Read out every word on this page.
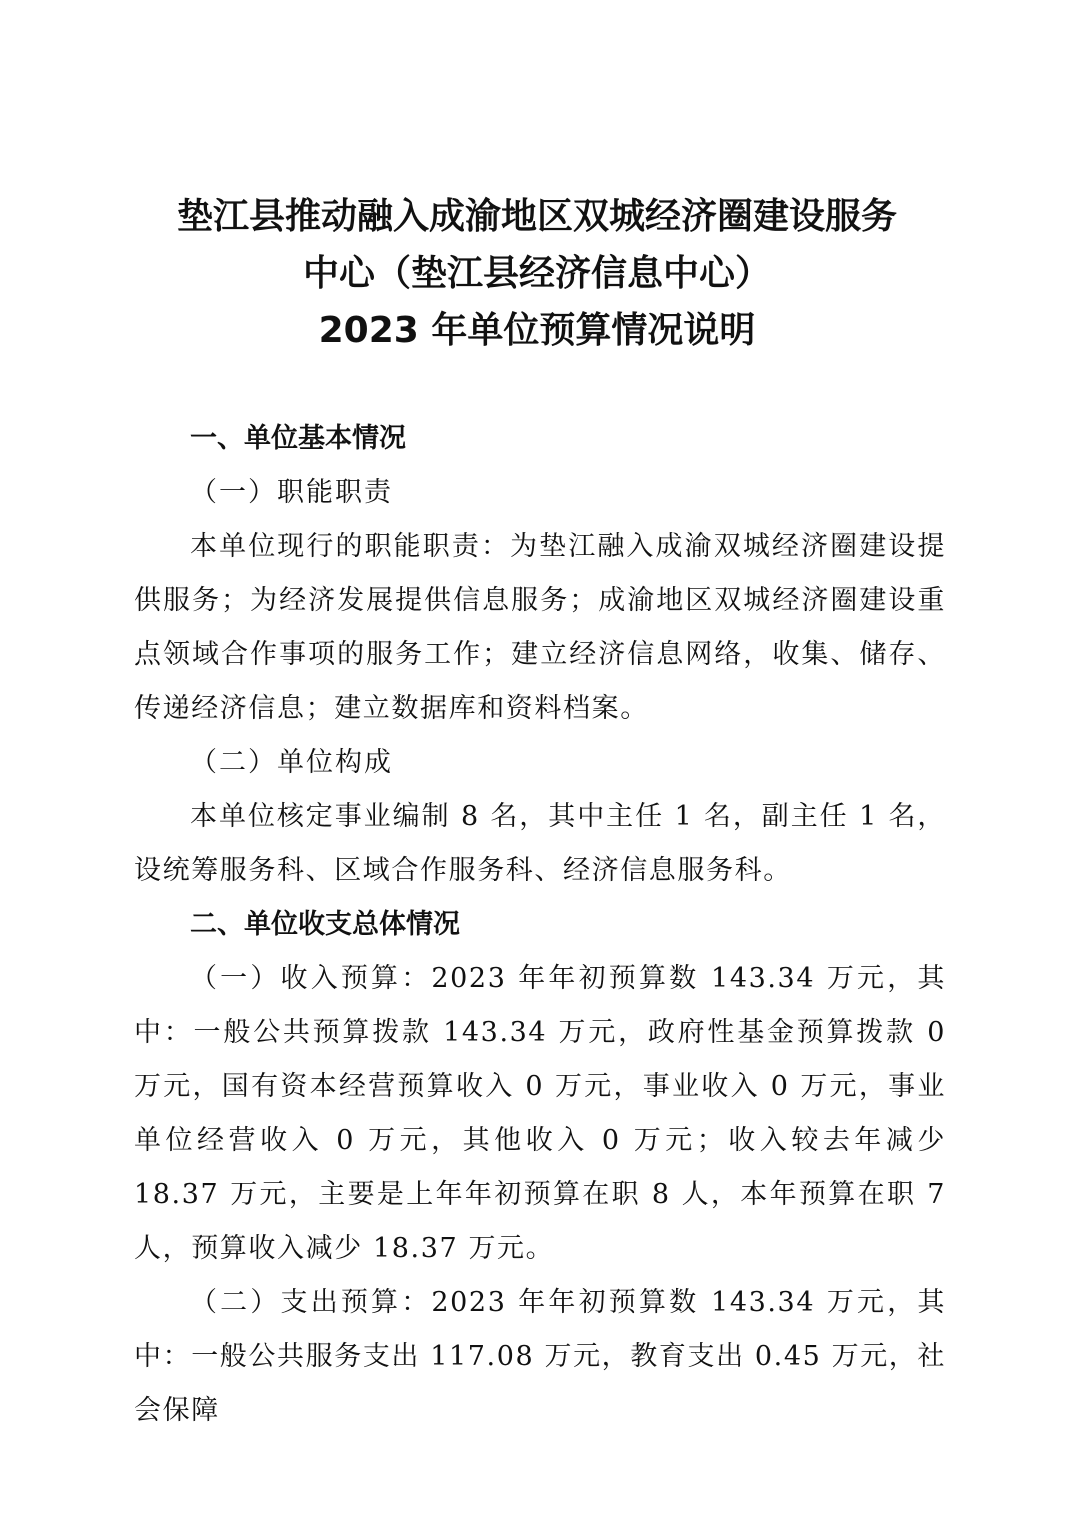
垫江县推动融入成渝地区双城经济圈建设服务
中心（垫江县经济信息中心）
2023 年单位预算情况说明
一、单位基本情况
（一）职能职责
本单位现行的职能职责：为垫江融入成渝双城经济圈建设提供服务；为经济发展提供信息服务；成渝地区双城经济圈建设重点领域合作事项的服务工作；建立经济信息网络，收集、储存、传递经济信息；建立数据库和资料档案。
（二）单位构成
本单位核定事业编制 8 名，其中主任 1 名，副主任 1 名，设统筹服务科、区域合作服务科、经济信息服务科。
二、单位收支总体情况
（一）收入预算：2023 年年初预算数 143.34 万元，其中：一般公共预算拨款 143.34 万元，政府性基金预算拨款 0 万元，国有资本经营预算收入 0 万元，事业收入 0 万元，事业单位经营收入 0 万元，其他收入 0 万元；收入较去年减少 18.37 万元，主要是上年年初预算在职 8 人，本年预算在职 7 人，预算收入减少 18.37 万元。
（二）支出预算：2023 年年初预算数 143.34 万元，其中：一般公共服务支出 117.08 万元，教育支出 0.45 万元，社会保障
